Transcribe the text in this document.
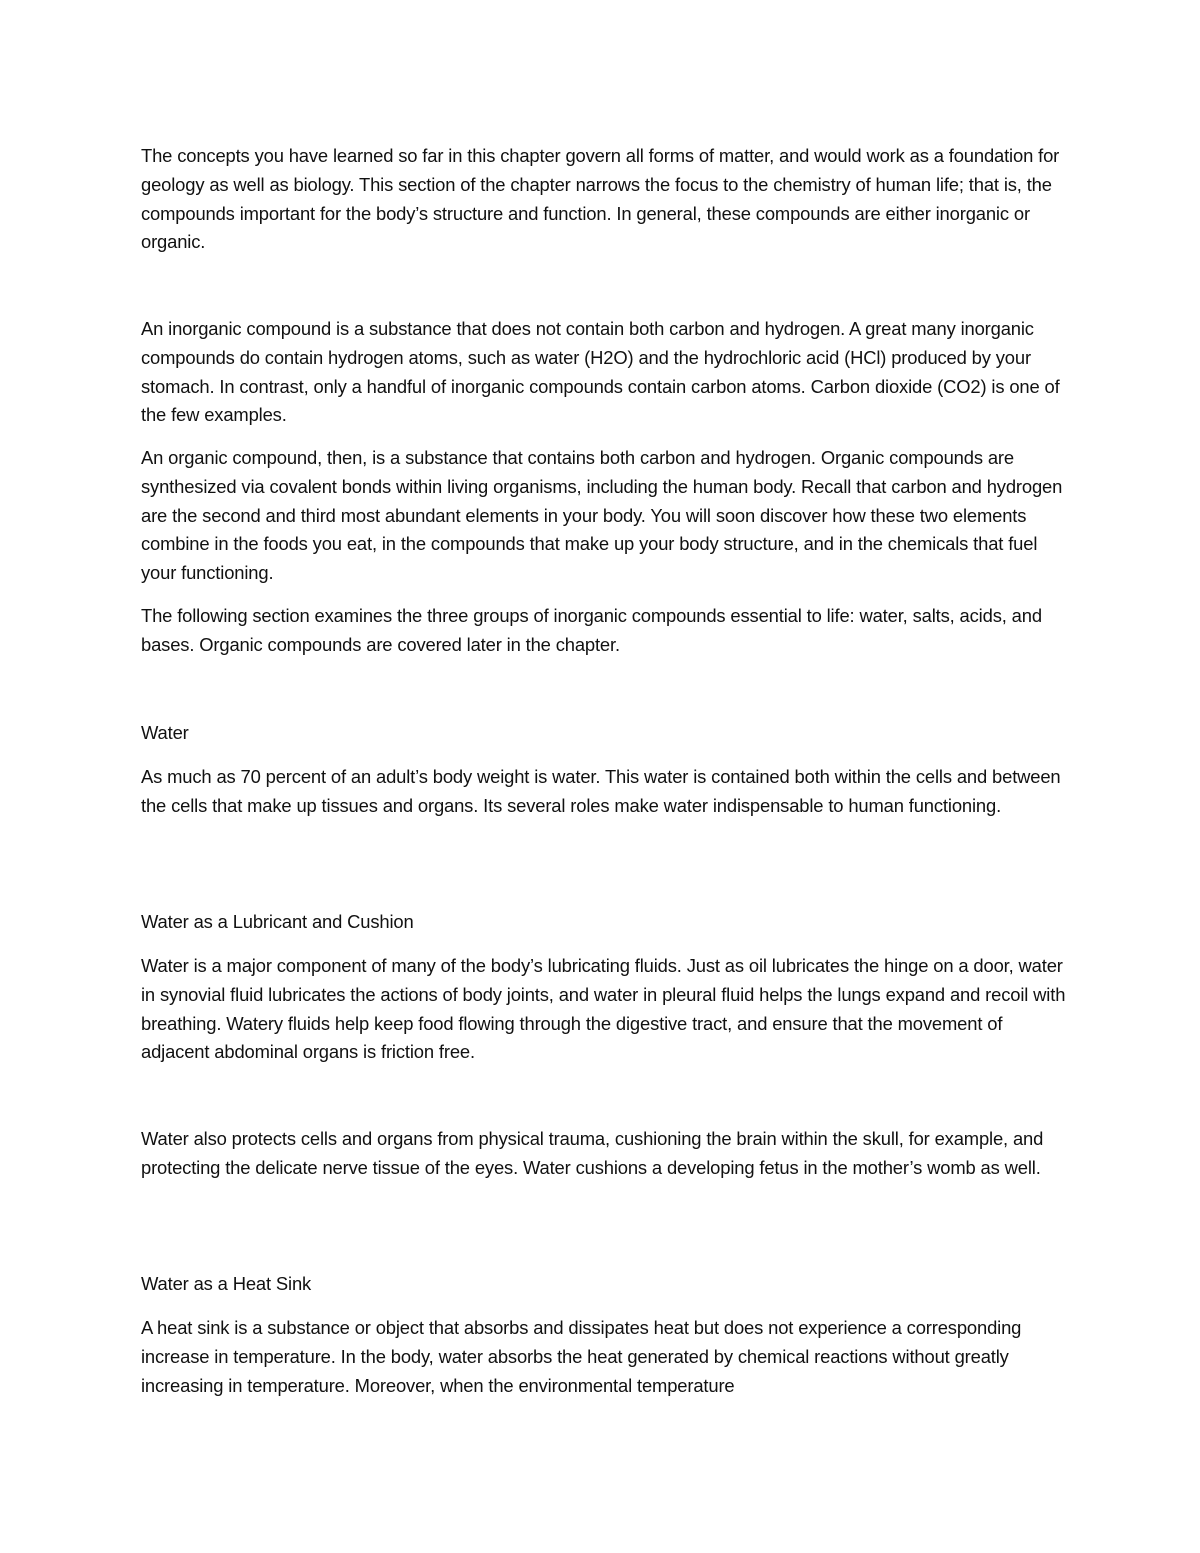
The concepts you have learned so far in this chapter govern all forms of matter, and would work as a foundation for geology as well as biology. This section of the chapter narrows the focus to the chemistry of human life; that is, the compounds important for the body’s structure and function. In general, these compounds are either inorganic or organic.

An inorganic compound is a substance that does not contain both carbon and hydrogen. A great many inorganic compounds do contain hydrogen atoms, such as water (H2O) and the hydrochloric acid (HCl) produced by your stomach. In contrast, only a handful of inorganic compounds contain carbon atoms. Carbon dioxide (CO2) is one of the few examples.

An organic compound, then, is a substance that contains both carbon and hydrogen. Organic compounds are synthesized via covalent bonds within living organisms, including the human body. Recall that carbon and hydrogen are the second and third most abundant elements in your body. You will soon discover how these two elements combine in the foods you eat, in the compounds that make up your body structure, and in the chemicals that fuel your functioning.

The following section examines the three groups of inorganic compounds essential to life: water, salts, acids, and bases. Organic compounds are covered later in the chapter.

Water

As much as 70 percent of an adult’s body weight is water. This water is contained both within the cells and between the cells that make up tissues and organs. Its several roles make water indispensable to human functioning.

Water as a Lubricant and Cushion

Water is a major component of many of the body’s lubricating fluids. Just as oil lubricates the hinge on a door, water in synovial fluid lubricates the actions of body joints, and water in pleural fluid helps the lungs expand and recoil with breathing. Watery fluids help keep food flowing through the digestive tract, and ensure that the movement of adjacent abdominal organs is friction free.

Water also protects cells and organs from physical trauma, cushioning the brain within the skull, for example, and protecting the delicate nerve tissue of the eyes. Water cushions a developing fetus in the mother’s womb as well.

Water as a Heat Sink

A heat sink is a substance or object that absorbs and dissipates heat but does not experience a corresponding increase in temperature. In the body, water absorbs the heat generated by chemical reactions without greatly increasing in temperature. Moreover, when the environmental temperature
